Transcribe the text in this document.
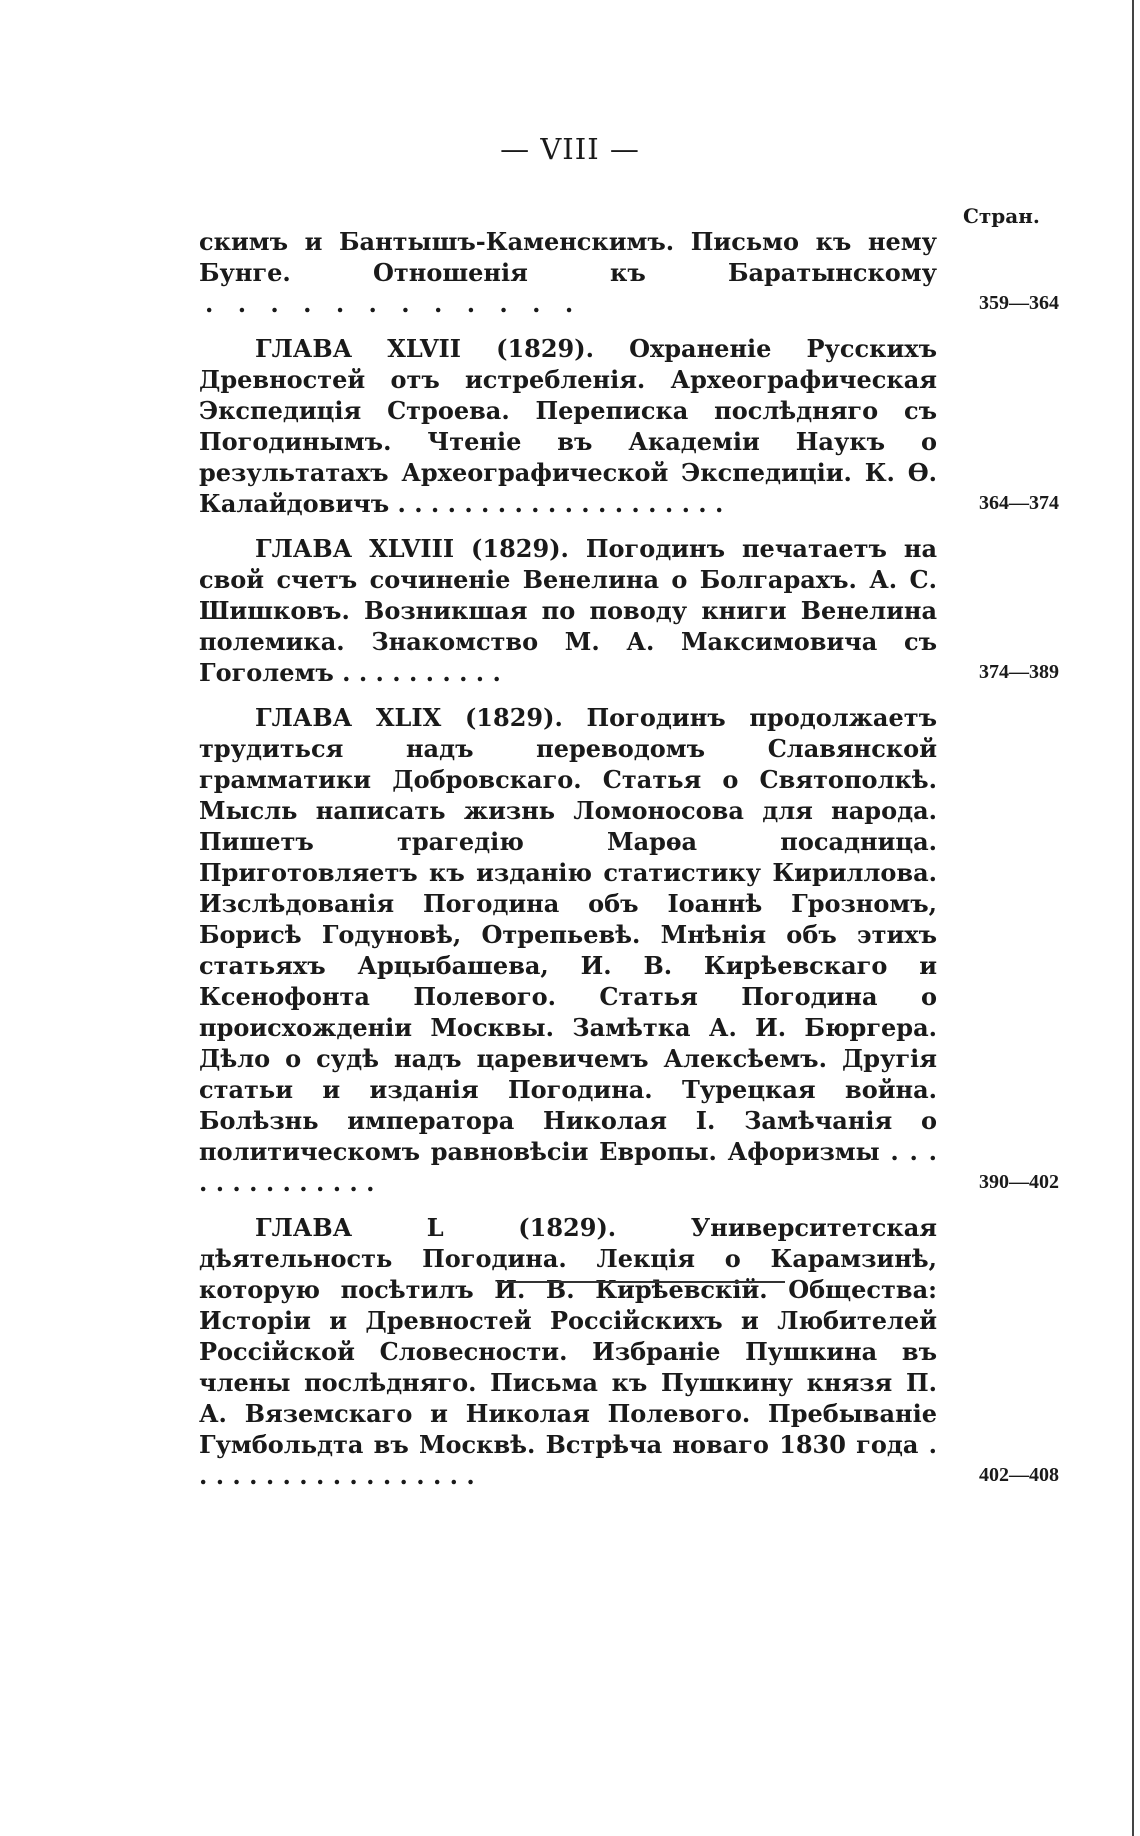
— VIII —
Стран.
скимъ и Бантышъ-Каменскимъ. Письмо къ нему Бунге. Отношенія къ Баратынскому . . . . . . . . . . . .	359—364
ГЛАВА XLVII (1829). Охраненіе Русскихъ Древностей отъ истребленія. Археографическая Экспедиція Строева. Переписка послѣдняго съ Погодинымъ. Чтеніе въ Академіи Наукъ о результатахъ Археографической Экспедиціи. К. Ѳ. Калайдовичъ . . . . . . . . . . . . . . . . . . . .	364—374
ГЛАВА XLVIII (1829). Погодинъ печатаетъ на свой счетъ сочиненіе Венелина о Болгарахъ. А. С. Шишковъ. Возникшая по поводу книги Венелина полемика. Знакомство М. А. Максимовича съ Гоголемъ . . . . . . . . . .	374—389
ГЛАВА XLIX (1829). Погодинъ продолжаетъ трудиться надъ переводомъ Славянской грамматики Добровскаго. Статья о Святополкѣ. Мысль написать жизнь Ломоносова для народа. Пишетъ трагедію Марѳа посадница. Приготовляетъ къ изданію статистику Кириллова. Изслѣдованія Погодина объ Іоаннѣ Грозномъ, Борисѣ Годуновѣ, Отрепьевѣ. Мнѣнія объ этихъ статьяхъ Арцыбашева, И. В. Кирѣевскаго и Ксенофонта Полевого. Статья Погодина о происхожденіи Москвы. Замѣтка А. И. Бюргера. Дѣло о судѣ надъ царевичемъ Алексѣемъ. Другія статьи и изданія Погодина. Турецкая война. Болѣзнь императора Николая I. Замѣчанія о политическомъ равновѣсіи Европы. Афоризмы . . . . . . . . . . . . . .	390—402
ГЛАВА L (1829). Университетская дѣятельность Погодина. Лекція о Карамзинѣ, которую посѣтилъ И. В. Кирѣевскій. Общества: Исторіи и Древностей Россійскихъ и Любителей Россійской Словесности. Избраніе Пушкина въ члены послѣдняго. Письма къ Пушкину князя П. А. Вяземскаго и Николая Полевого. Пребываніе Гумбольдта въ Москвѣ. Встрѣча новаго 1830 года . . . . . . . . . . . . . . . . . .	402—408
